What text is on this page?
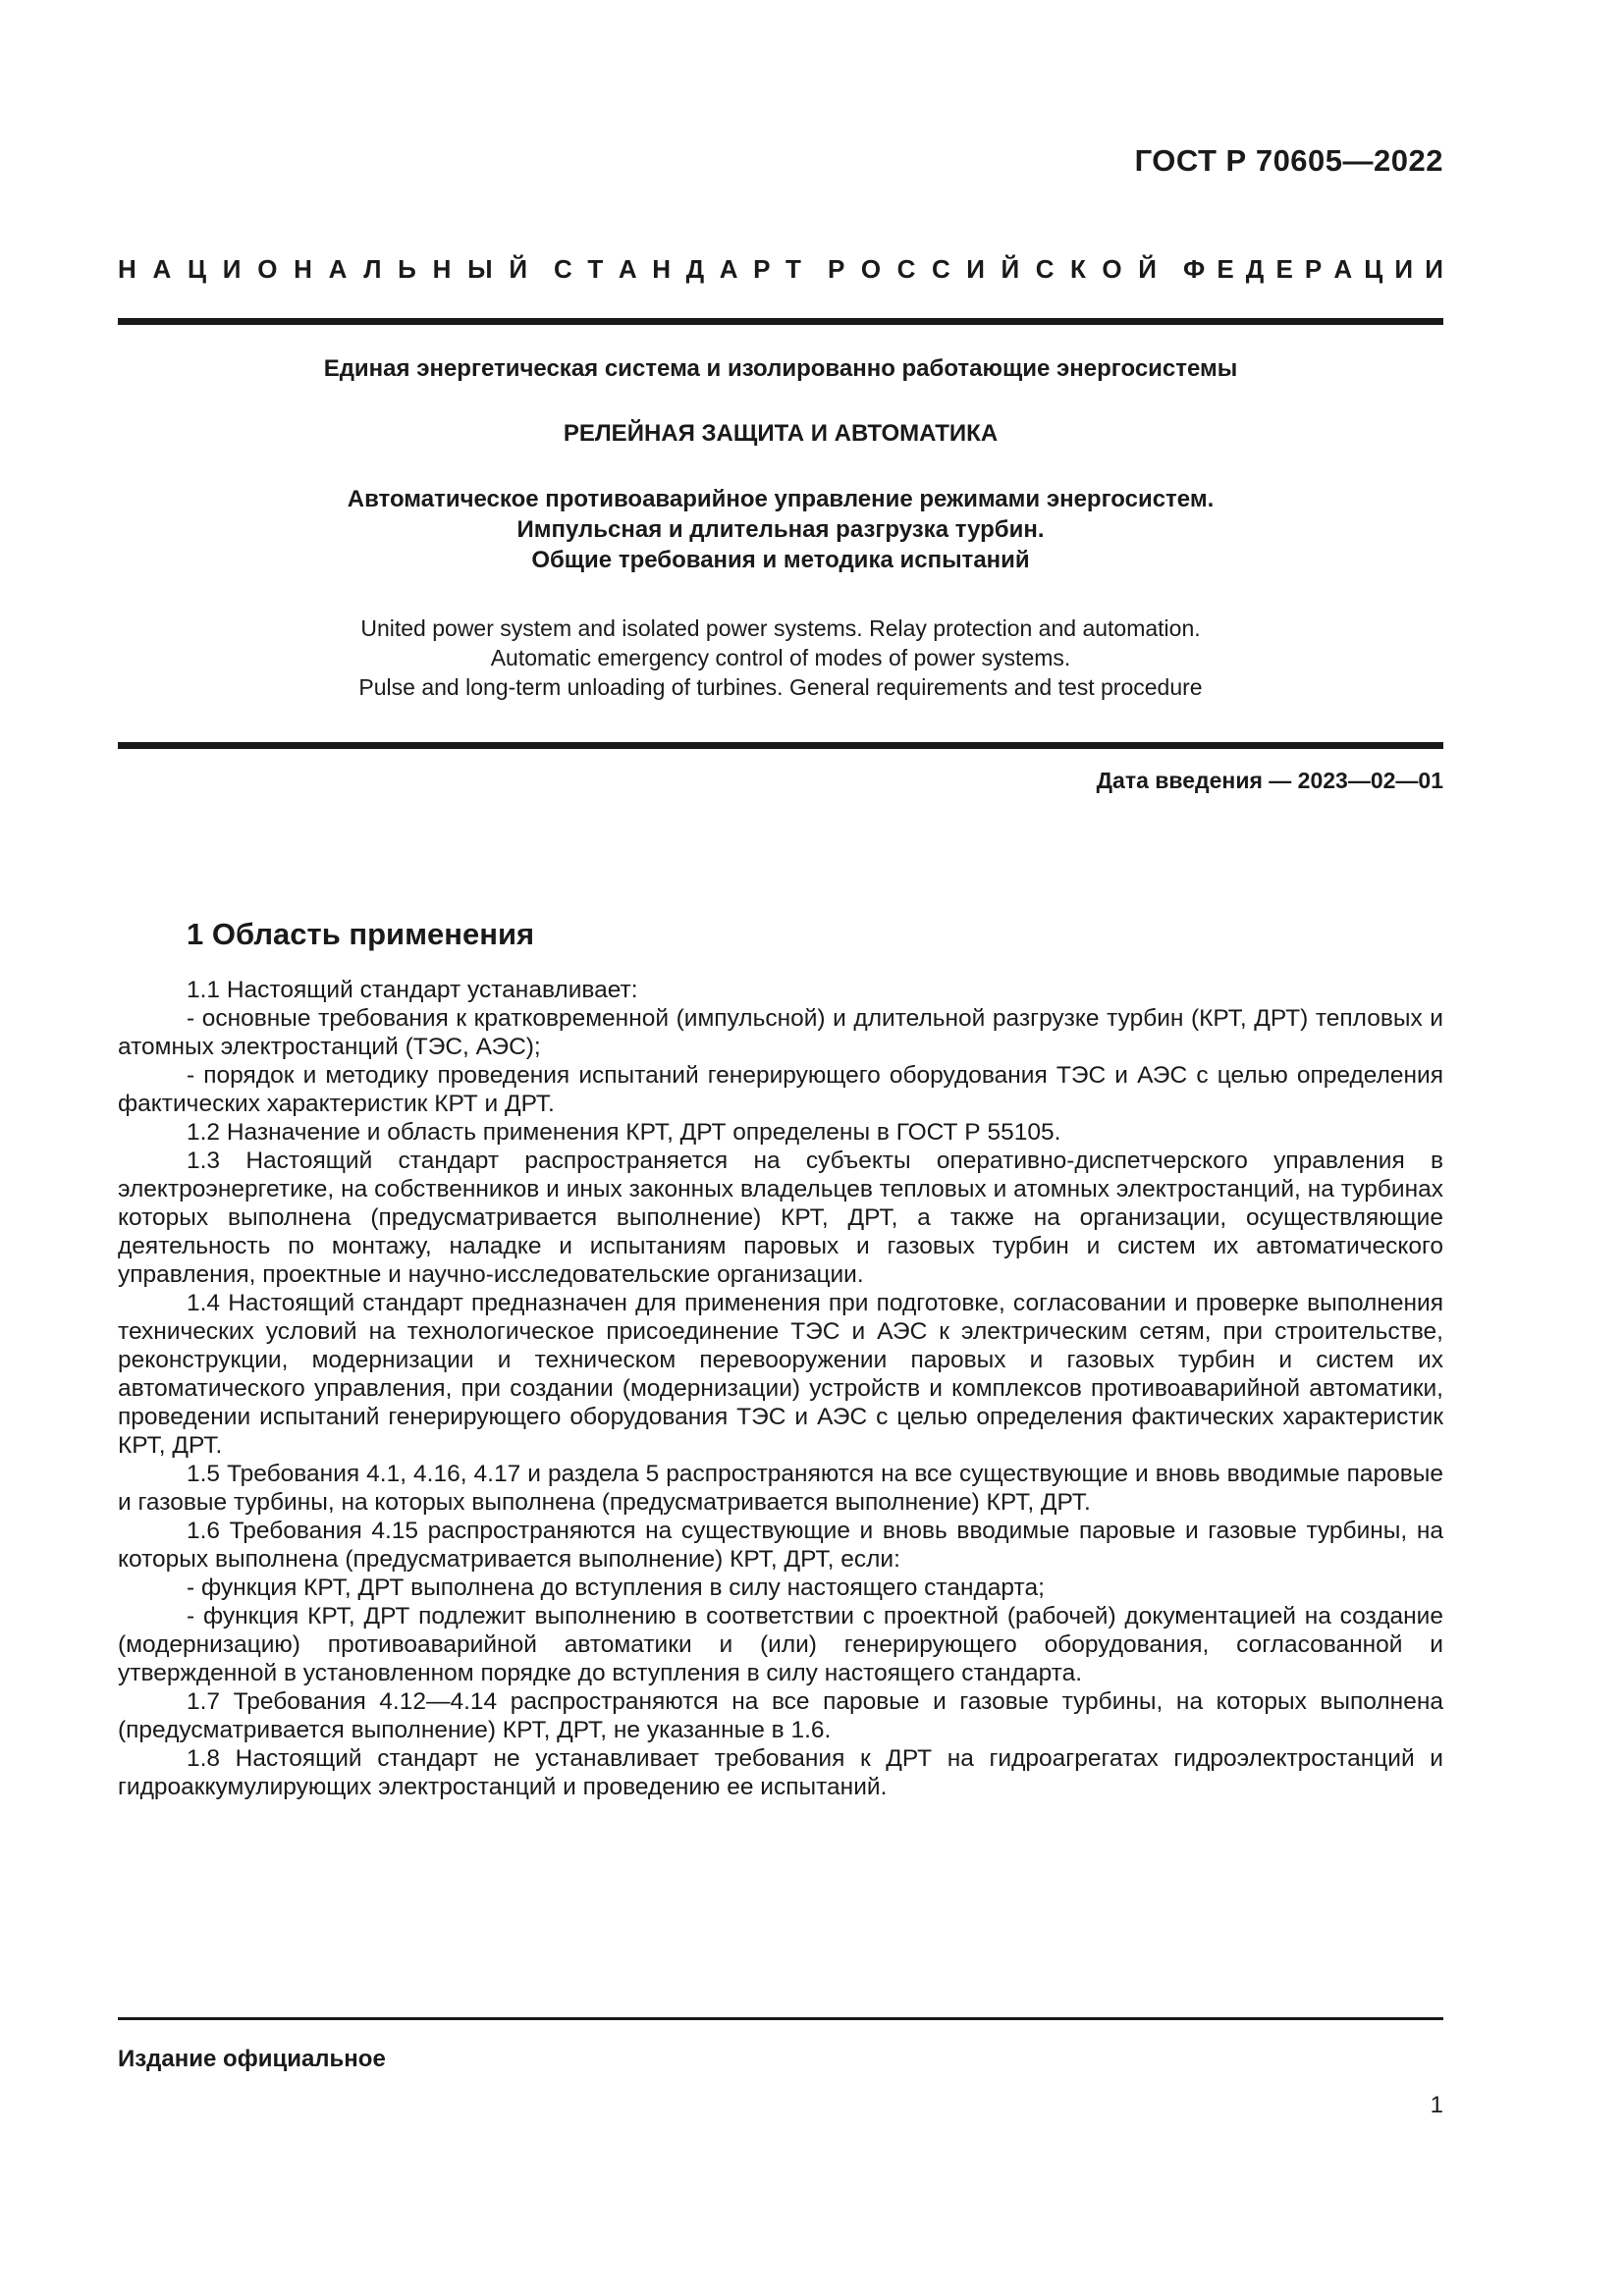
ГОСТ Р 70605—2022
Н А Ц И О Н А Л Ь Н Ы Й С Т А Н Д А Р Т Р О С С И Й С К О Й Ф Е Д Е Р А Ц И И
Единая энергетическая система и изолированно работающие энергосистемы
РЕЛЕЙНАЯ ЗАЩИТА И АВТОМАТИКА
Автоматическое противоаварийное управление режимами энергосистем.
Импульсная и длительная разгрузка турбин.
Общие требования и методика испытаний
United power system and isolated power systems. Relay protection and automation.
Automatic emergency control of modes of power systems.
Pulse and long-term unloading of turbines. General requirements and test procedure
Дата введения — 2023—02—01
1 Область применения

1.1 Настоящий стандарт устанавливает:

- основные требования к кратковременной (импульсной) и длительной разгрузке турбин (КРТ, ДРТ) тепловых и атомных электростанций (ТЭС, АЭС);

- порядок и методику проведения испытаний генерирующего оборудования ТЭС и АЭС с целью определения фактических характеристик КРТ и ДРТ.

1.2 Назначение и область применения КРТ, ДРТ определены в ГОСТ Р 55105.

1.3 Настоящий стандарт распространяется на субъекты оперативно-диспетчерского управления в электроэнергетике, на собственников и иных законных владельцев тепловых и атомных электростанций, на турбинах которых выполнена (предусматривается выполнение) КРТ, ДРТ, а также на организации, осуществляющие деятельность по монтажу, наладке и испытаниям паровых и газовых турбин и систем их автоматического управления, проектные и научно-исследовательские организации.

1.4 Настоящий стандарт предназначен для применения при подготовке, согласовании и проверке выполнения технических условий на технологическое присоединение ТЭС и АЭС к электрическим сетям, при строительстве, реконструкции, модернизации и техническом перевооружении паровых и газовых турбин и систем их автоматического управления, при создании (модернизации) устройств и комплексов противоаварийной автоматики, проведении испытаний генерирующего оборудования ТЭС и АЭС с целью определения фактических характеристик КРТ, ДРТ.

1.5 Требования 4.1, 4.16, 4.17 и раздела 5 распространяются на все существующие и вновь вводимые паровые и газовые турбины, на которых выполнена (предусматривается выполнение) КРТ, ДРТ.

1.6 Требования 4.15 распространяются на существующие и вновь вводимые паровые и газовые турбины, на которых выполнена (предусматривается выполнение) КРТ, ДРТ, если:

- функция КРТ, ДРТ выполнена до вступления в силу настоящего стандарта;

- функция КРТ, ДРТ подлежит выполнению в соответствии с проектной (рабочей) документацией на создание (модернизацию) противоаварийной автоматики и (или) генерирующего оборудования, согласованной и утвержденной в установленном порядке до вступления в силу настоящего стандарта.

1.7 Требования 4.12—4.14 распространяются на все паровые и газовые турбины, на которых выполнена (предусматривается выполнение) КРТ, ДРТ, не указанные в 1.6.

1.8 Настоящий стандарт не устанавливает требования к ДРТ на гидроагрегатах гидроэлектростанций и гидроаккумулирующих электростанций и проведению ее испытаний.

Издание официальное
1
